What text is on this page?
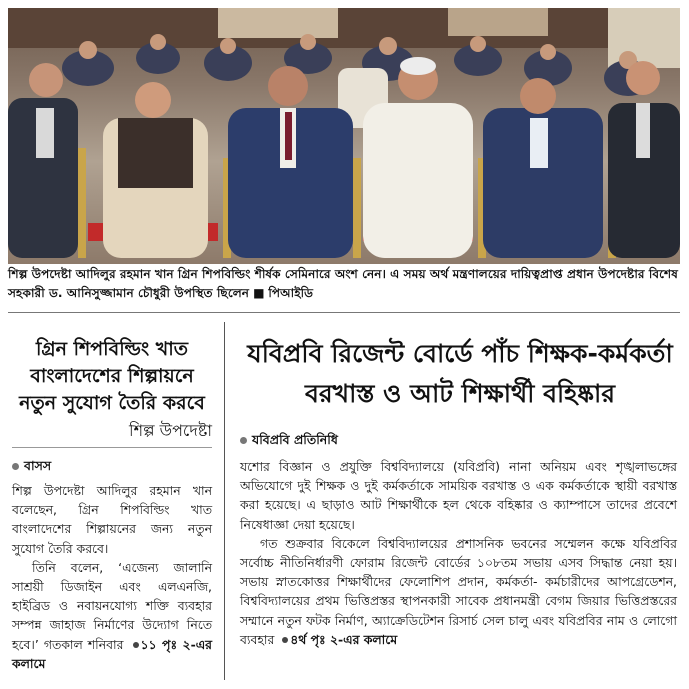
শিল্প উপদেষ্টা আদিলুর রহমান খান গ্রিন শিপবিল্ডিং শীর্ষক সেমিনারে অংশ নেন। এ সময় অর্থ মন্ত্রণালয়ের দায়িত্বপ্রাপ্ত প্রধান উপদেষ্টার বিশেষ সহকারী ড. আনিসুজ্জামান চৌধুরী উপস্থিত ছিলেন ■ পিআইডি
গ্রিন শিপবিল্ডিং খাত
বাংলাদেশের শিল্পায়নে
নতুন সুযোগ তৈরি করবে
শিল্প উপদেষ্টা
বাসস
শিল্প উপদেষ্টা আদিলুর রহমান খান বলেছেন, গ্রিন শিপবিল্ডিং খাত বাংলাদেশের শিল্পায়নের জন্য নতুন সুযোগ তৈরি করবে।
তিনি বলেন, ‘এজেন্য জালানি সাশ্রয়ী ডিজাইন এবং এলএনজি, হাইব্রিড ও নবায়নযোগ্য শক্তি ব্যবহার সম্পন্ন জাহাজ নির্মাণের উদ্যোগ নিতে হবে।’ গতকাল শনিবার ১১ পৃঃ ২-এর কলামে
যবিপ্রবি রিজেন্ট বোর্ডে পাঁচ শিক্ষক-কর্মকর্তা
বরখাস্ত ও আট শিক্ষার্থী বহিষ্কার
যবিপ্রবি প্রতিনিধি
যশোর বিজ্ঞান ও প্রযুক্তি বিশ্ববিদ্যালয়ে (যবিপ্রবি) নানা অনিয়ম এবং শৃঙ্খলাভঙ্গের অভিযোগে দুই শিক্ষক ও দুই কর্মকর্তাকে সাময়িক বরখাস্ত ও এক কর্মকর্তাকে স্থায়ী বরখাস্ত করা হয়েছে। এ ছাড়াও আট শিক্ষার্থীকে হল থেকে বহিষ্কার ও ক্যাম্পাসে তাদের প্রবেশে নিষেধাজ্ঞা দেয়া হয়েছে।
গত শুক্রবার বিকেলে বিশ্ববিদ্যালয়ের প্রশাসনিক ভবনের সম্মেলন কক্ষে যবিপ্রবির সর্বোচ্চ নীতিনির্ধারণী ফোরাম রিজেন্ট বোর্ডের ১০৮তম সভায় এসব সিদ্ধান্ত নেয়া হয়। সভায় স্নাতকোত্তর শিক্ষার্থীদের ফেলোশিপ প্রদান, কর্মকর্তা- কর্মচারীদের আপগ্রেডেশন, বিশ্ববিদ্যালয়ের প্রথম ভিত্তিপ্রস্তর স্থাপনকারী সাবেক প্রধানমন্ত্রী বেগম জিয়ার ভিত্তিপ্রস্তরের সম্মানে নতুন ফটক নির্মাণ, অ্যাক্রেডিটেশন রিসার্চ সেল চালু এবং যবিপ্রবির নাম ও লোগো ব্যবহার ৪র্থ পৃঃ ২-এর কলামে
